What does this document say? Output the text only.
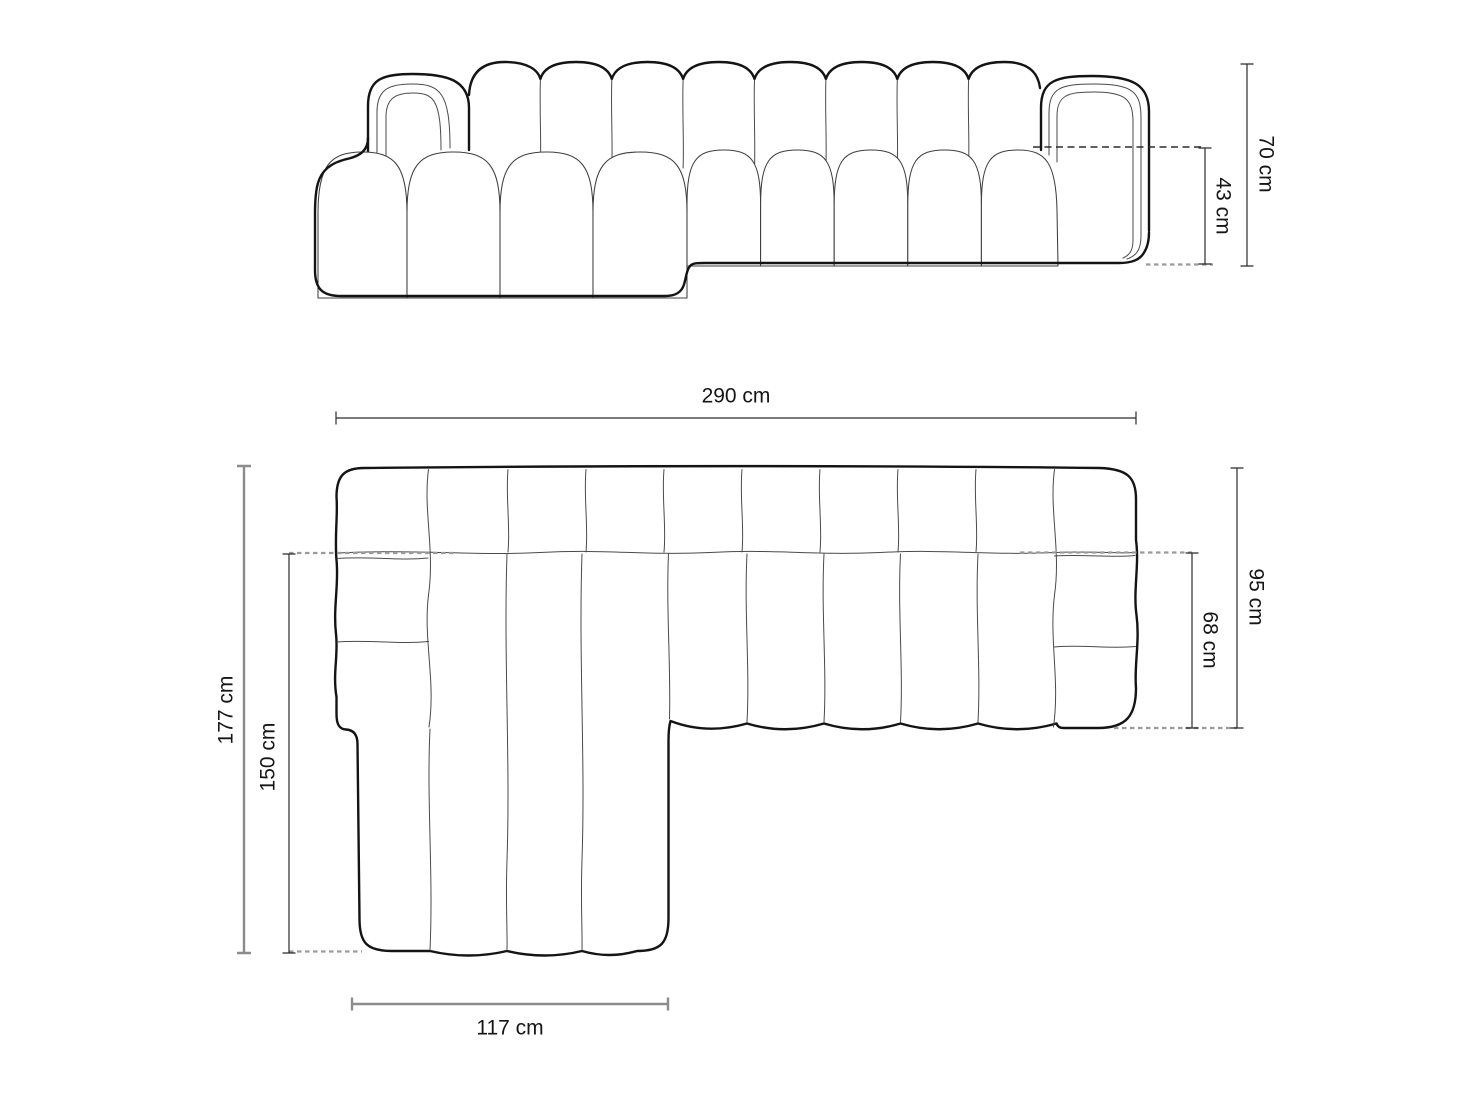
43 cm
70 cm
290 cm
95 cm
68 cm
177 cm
150 cm
117 cm
